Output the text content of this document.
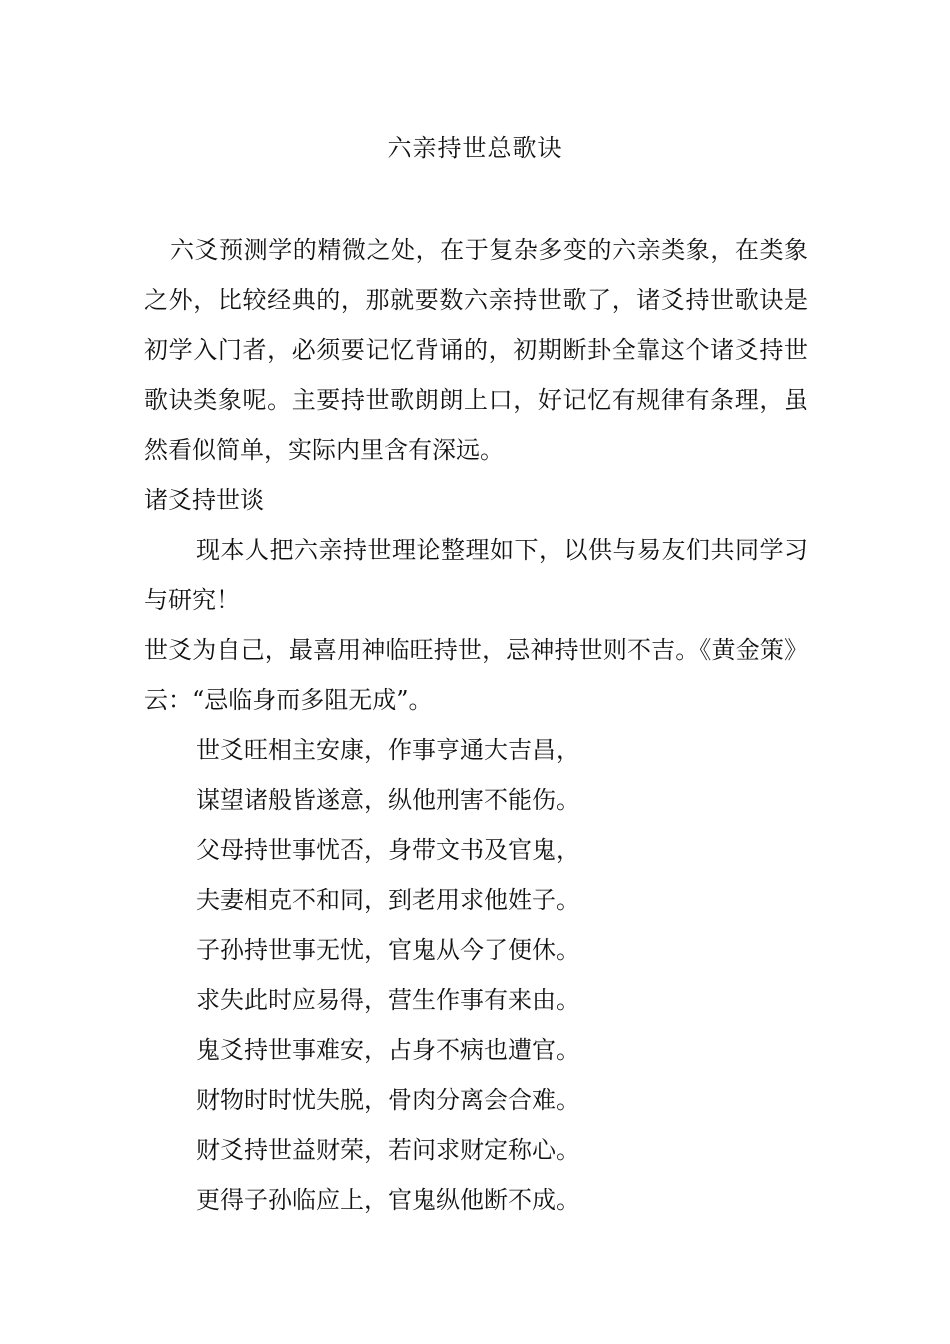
六亲持世总歌诀
六爻预测学的精微之处，在于复杂多变的六亲类象，在类象之外，比较经典的，那就要数六亲持世歌了，诸爻持世歌诀是初学入门者，必须要记忆背诵的，初期断卦全靠这个诸爻持世歌诀类象呢。主要持世歌朗朗上口，好记忆有规律有条理，虽然看似简单，实际内里含有深远。
诸爻持世谈
现本人把六亲持世理论整理如下，以供与易友们共同学习与研究！
世爻为自己，最喜用神临旺持世，忌神持世则不吉。《黄金策》云：“忌临身而多阻无成”。
世爻旺相主安康，作事亨通大吉昌，
谋望诸般皆遂意，纵他刑害不能伤。
父母持世事忧否，身带文书及官鬼，
夫妻相克不和同，到老用求他姓子。
子孙持世事无忧，官鬼从今了便休。
求失此时应易得，营生作事有来由。
鬼爻持世事难安，占身不病也遭官。
财物时时忧失脱，骨肉分离会合难。
财爻持世益财荣，若问求财定称心。
更得子孙临应上，官鬼纵他断不成。
